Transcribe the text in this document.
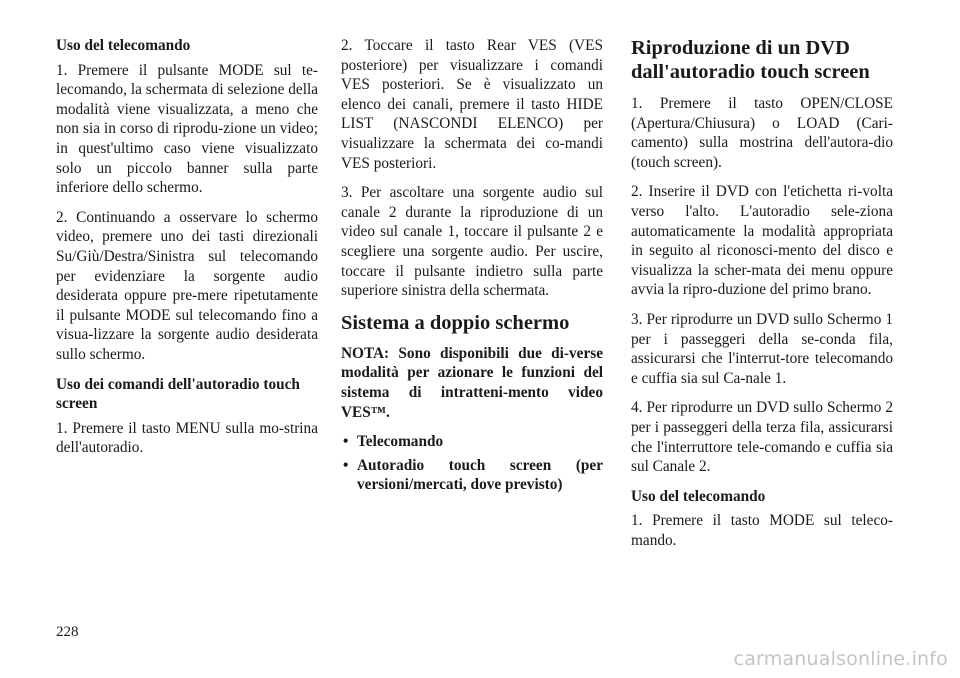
Uso del telecomando

1. Premere il pulsante MODE sul te-lecomando, la schermata di selezione della modalità viene visualizzata, a meno che non sia in corso di riprodu-zione un video; in quest'ultimo caso viene visualizzato solo un piccolo banner sulla parte inferiore dello schermo.

2. Continuando a osservare lo schermo video, premere uno dei tasti direzionali Su/Giù/Destra/Sinistra sul telecomando per evidenziare la sorgente audio desiderata oppure pre-mere ripetutamente il pulsante MODE sul telecomando fino a visua-lizzare la sorgente audio desiderata sullo schermo.

Uso dei comandi dell'autoradio touch screen

1. Premere il tasto MENU sulla mo-strina dell'autoradio.

2. Toccare il tasto Rear VES (VES posteriore) per visualizzare i comandi VES posteriori. Se è visualizzato un elenco dei canali, premere il tasto HIDE LIST (NASCONDI ELENCO) per visualizzare la schermata dei co-mandi VES posteriori.

3. Per ascoltare una sorgente audio sul canale 2 durante la riproduzione di un video sul canale 1, toccare il pulsante 2 e scegliere una sorgente audio. Per uscire, toccare il pulsante indietro sulla parte superiore sinistra della schermata.

Sistema a doppio schermo

NOTA: Sono disponibili due di-verse modalità per azionare le funzioni del sistema di intratteni-mento video VES™.

• Telecomando
• Autoradio touch screen (per versioni/mercati, dove previsto)
Riproduzione di un DVD dall'autoradio touch screen

1. Premere il tasto OPEN/CLOSE (Apertura/Chiusura) o LOAD (Cari-camento) sulla mostrina dell'autora-dio (touch screen).

2. Inserire il DVD con l'etichetta ri-volta verso l'alto. L'autoradio sele-ziona automaticamente la modalità appropriata in seguito al riconosci-mento del disco e visualizza la scher-mata dei menu oppure avvia la ripro-duzione del primo brano.

3. Per riprodurre un DVD sullo Schermo 1 per i passeggeri della se-conda fila, assicurarsi che l'interrut-tore telecomando e cuffia sia sul Ca-nale 1.

4. Per riprodurre un DVD sullo Schermo 2 per i passeggeri della terza fila, assicurarsi che l'interruttore tele-comando e cuffia sia sul Canale 2.

Uso del telecomando

1. Premere il tasto MODE sul teleco-mando.

228
carmanualsonline.info
